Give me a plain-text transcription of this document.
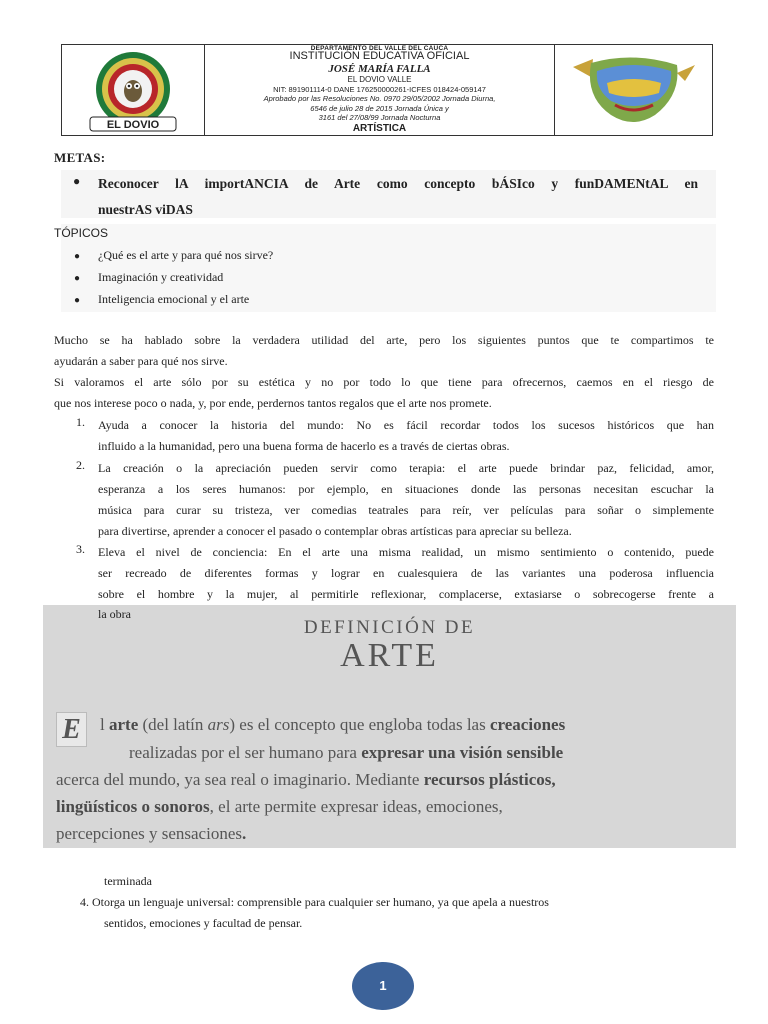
EL DOVIO
DEPARTAMENTO DEL VALLE DEL CAUCA
INSTITUCIÓN EDUCATIVA OFICIAL
JOSÉ MARÍA FALLA
EL DOVIO VALLE
NIT: 891901114-0 DANE 176250000261-ICFES 018424-059147
Aprobado por las Resoluciones No. 0970 29/05/2002 Jornada Diurna,
6546 de julio 28 de 2015 Jornada Única y
3161 del 27/08/99 Jornada Nocturna
ARTÍSTICA
METAS:
● Reconocer lA importANCIA de Arte como concepto bÁSIco y funDAMENtAL en
nuestrAS viDAS
TÓPICOS
● ¿Qué es el arte y para qué nos sirve?
● Imaginación y creatividad
● Inteligencia emocional y el arte
Mucho se ha hablado sobre la verdadera utilidad del arte, pero los siguientes puntos que te compartimos te
ayudarán a saber para qué nos sirve.
Si valoramos el arte sólo por su estética y no por todo lo que tiene para ofrecernos, caemos en el riesgo de
que nos interese poco o nada, y, por ende, perdernos tantos regalos que el arte nos promete.
1. Ayuda a conocer la historia del mundo: No es fácil recordar todos los sucesos históricos que han
influido a la humanidad, pero una buena forma de hacerlo es a través de ciertas obras.
2. La creación o la apreciación pueden servir como terapia: el arte puede brindar paz, felicidad, amor,
esperanza a los seres humanos: por ejemplo, en situaciones donde las personas necesitan escuchar la
música para curar su tristeza, ver comedias teatrales para reír, ver películas para soñar o simplemente
para divertirse, aprender a conocer el pasado o contemplar obras artísticas para apreciar su belleza.
3. Eleva el nivel de conciencia: En el arte una misma realidad, un mismo sentimiento o contenido, puede
ser recreado de diferentes formas y lograr en cualesquiera de las variantes una poderosa influencia
sobre el hombre y la mujer, al permitirle reflexionar, complacerse, extasiarse o sobrecogerse frente a
DEFINICIÓN DE
ARTE
E	l arte (del latín ars) es el concepto que engloba todas las creaciones
realizadas por el ser humano para expresar una visión sensible
acerca del mundo, ya sea real o imaginario. Mediante recursos plásticos,
lingüísticos o sonoros, el arte permite expresar ideas, emociones,
percepciones y sensaciones.
la obra
terminada
4. Otorga un lenguaje universal: comprensible para cualquier ser humano, ya que apela a nuestros
sentidos, emociones y facultad de pensar.
1
